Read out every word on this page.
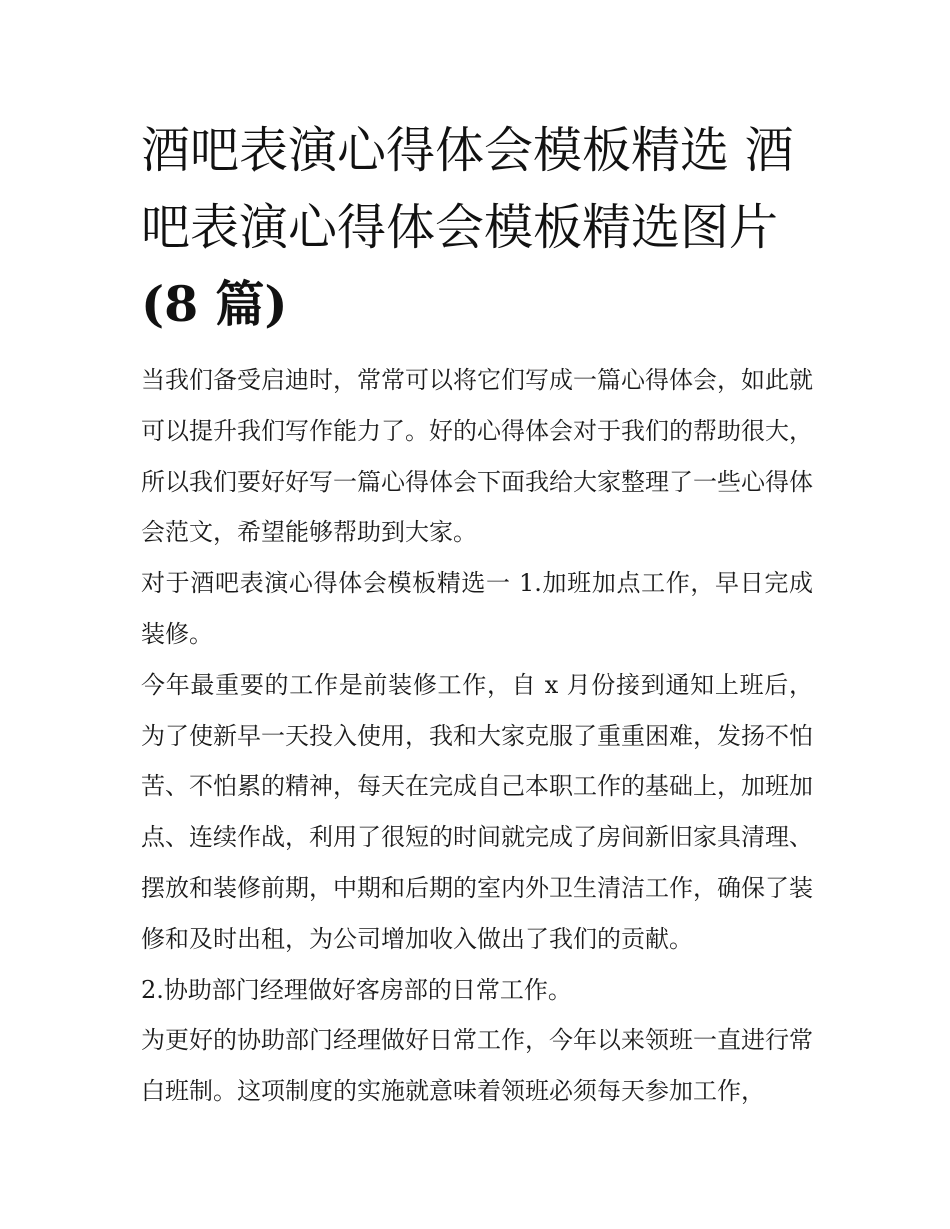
酒吧表演心得体会模板精选 酒吧表演心得体会模板精选图片(8 篇)

当我们备受启迪时，常常可以将它们写成一篇心得体会，如此就可以提升我们写作能力了。好的心得体会对于我们的帮助很大，所以我们要好好写一篇心得体会下面我给大家整理了一些心得体会范文，希望能够帮助到大家。

对于酒吧表演心得体会模板精选一 1.加班加点工作，早日完成装修。

今年最重要的工作是前装修工作，自 x 月份接到通知上班后，为了使新早一天投入使用，我和大家克服了重重困难，发扬不怕苦、不怕累的精神，每天在完成自己本职工作的基础上，加班加点、连续作战，利用了很短的时间就完成了房间新旧家具清理、摆放和装修前期，中期和后期的室内外卫生清洁工作，确保了装修和及时出租，为公司增加收入做出了我们的贡献。

2.协助部门经理做好客房部的日常工作。

为更好的协助部门经理做好日常工作，今年以来领班一直进行常白班制。这项制度的实施就意味着领班必须每天参加工作，
